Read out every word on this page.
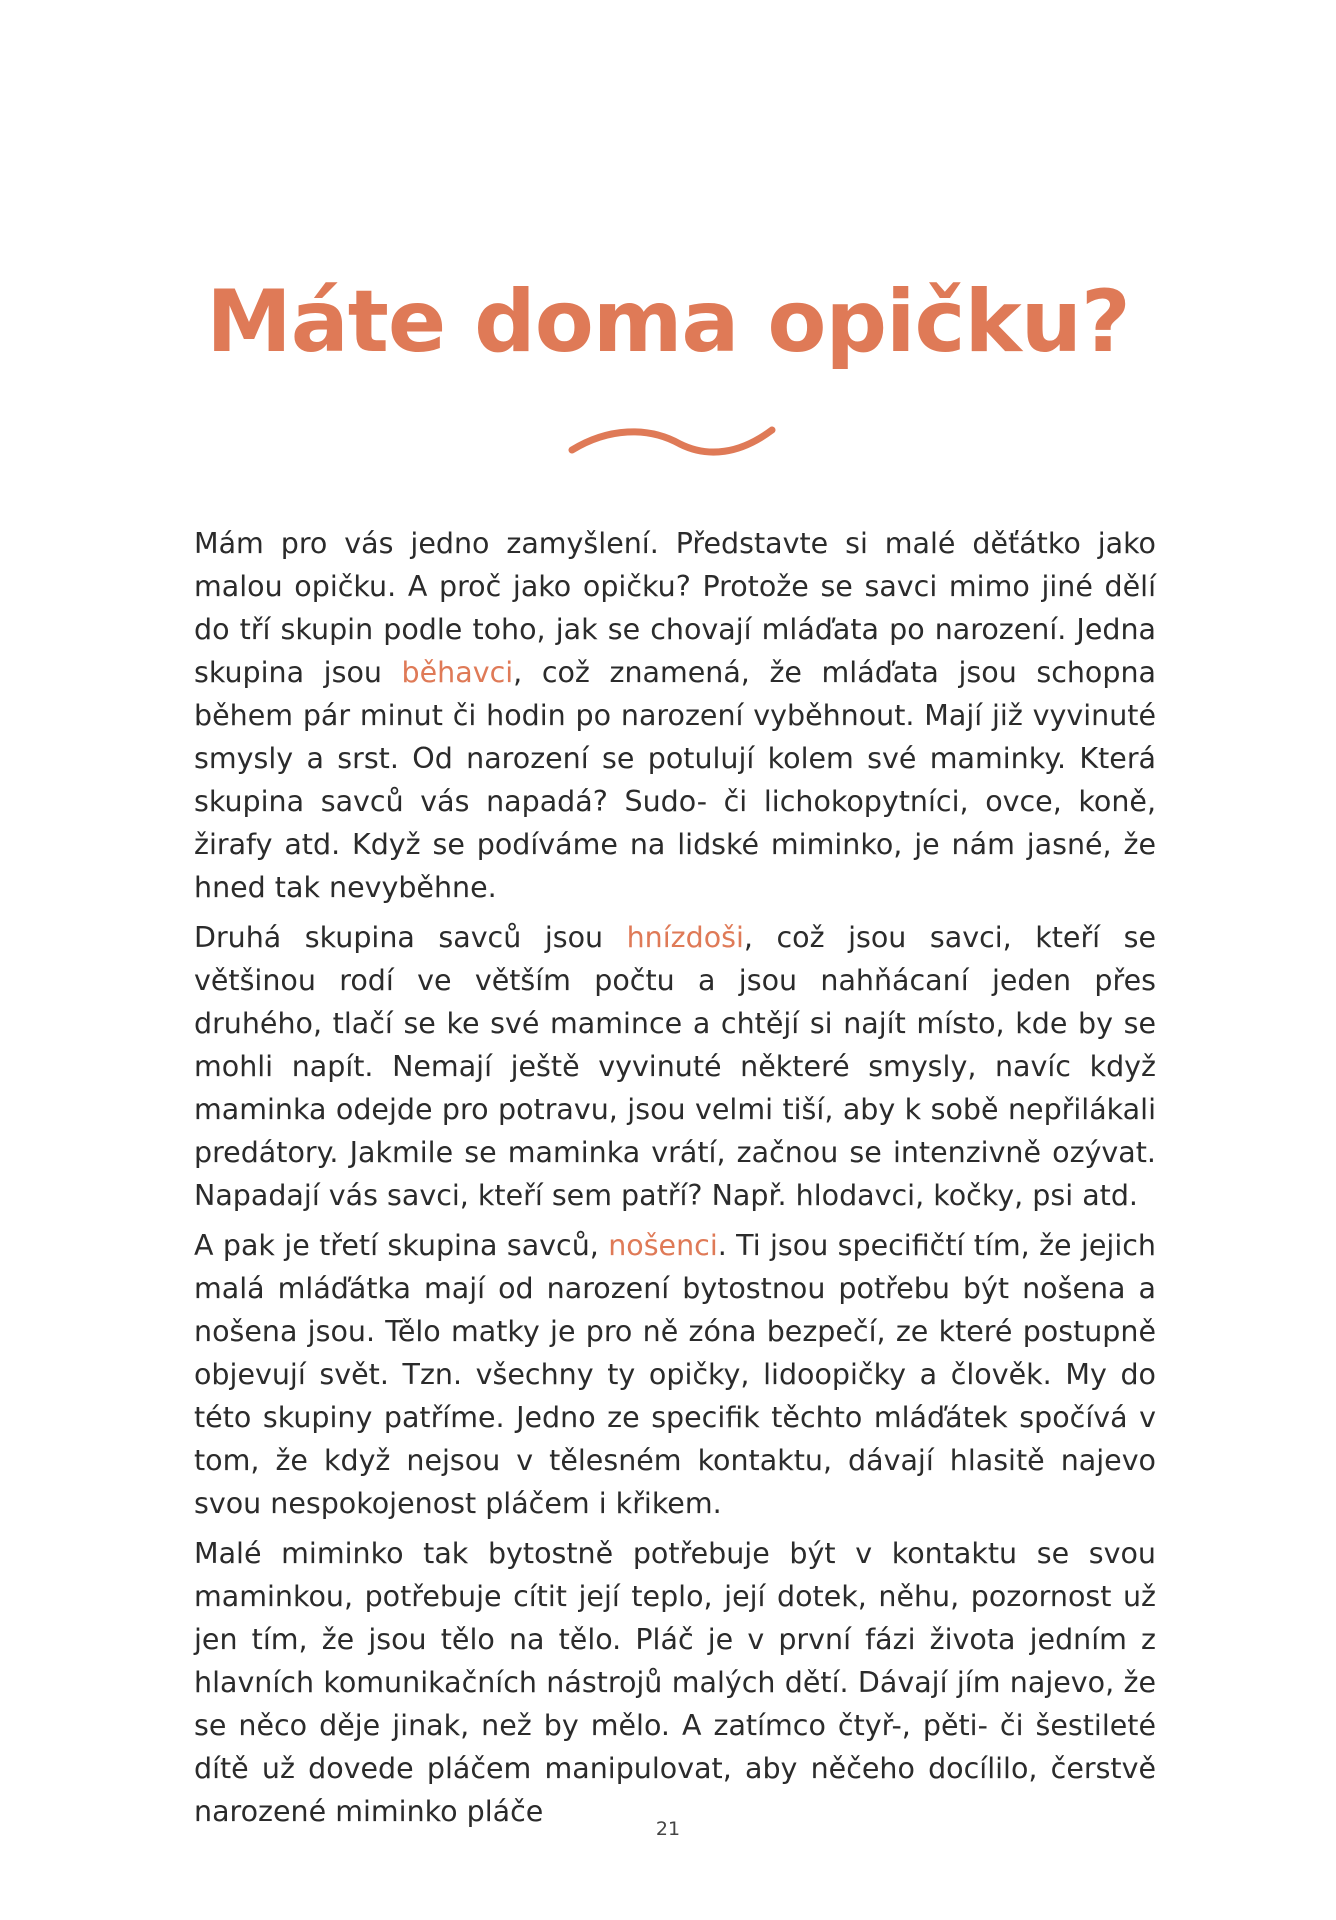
Máte doma opičku?

Mám pro vás jedno zamyšlení. Představte si malé děťátko jako malou opičku. A proč jako opičku? Protože se savci mimo jiné dělí do tří skupin podle toho, jak se chovají mláďata po narození. Jedna skupina jsou běhavci, což znamená, že mláďata jsou schopna během pár minut či hodin po narození vyběhnout. Mají již vyvinuté smysly a srst. Od narození se potulují kolem své maminky. Která skupina savců vás napadá? Sudo- či lichokopytníci, ovce, koně, žirafy atd. Když se podíváme na lidské miminko, je nám jasné, že hned tak nevyběhne.

Druhá skupina savců jsou hnízdoši, což jsou savci, kteří se většinou rodí ve větším počtu a jsou nahňácaní jeden přes druhého, tlačí se ke své mamince a chtějí si najít místo, kde by se mohli napít. Nemají ještě vyvinuté některé smysly, navíc když maminka odejde pro potravu, jsou velmi tiší, aby k sobě nepřilákali predátory. Jakmile se maminka vrátí, začnou se intenzivně ozývat. Napadají vás savci, kteří sem patří? Např. hlodavci, kočky, psi atd.

A pak je třetí skupina savců, nošenci. Ti jsou specifičtí tím, že jejich malá mláďátka mají od narození bytostnou potřebu být nošena a nošena jsou. Tělo matky je pro ně zóna bezpečí, ze které postupně objevují svět. Tzn. všechny ty opičky, lidoopičky a člověk. My do této skupiny patříme. Jedno ze specifik těchto mláďátek spočívá v tom, že když nejsou v tělesném kontaktu, dávají hlasitě najevo svou nespokojenost pláčem i křikem.

Malé miminko tak bytostně potřebuje být v kontaktu se svou maminkou, potřebuje cítit její teplo, její dotek, něhu, pozornost už jen tím, že jsou tělo na tělo. Pláč je v první fázi života jedním z hlavních komunikačních nástrojů malých dětí. Dávají jím najevo, že se něco děje jinak, než by mělo. A zatímco čtyř-, pěti- či šestileté dítě už dovede pláčem manipulovat, aby něčeho docílilo, čerstvě narozené miminko pláče

21
